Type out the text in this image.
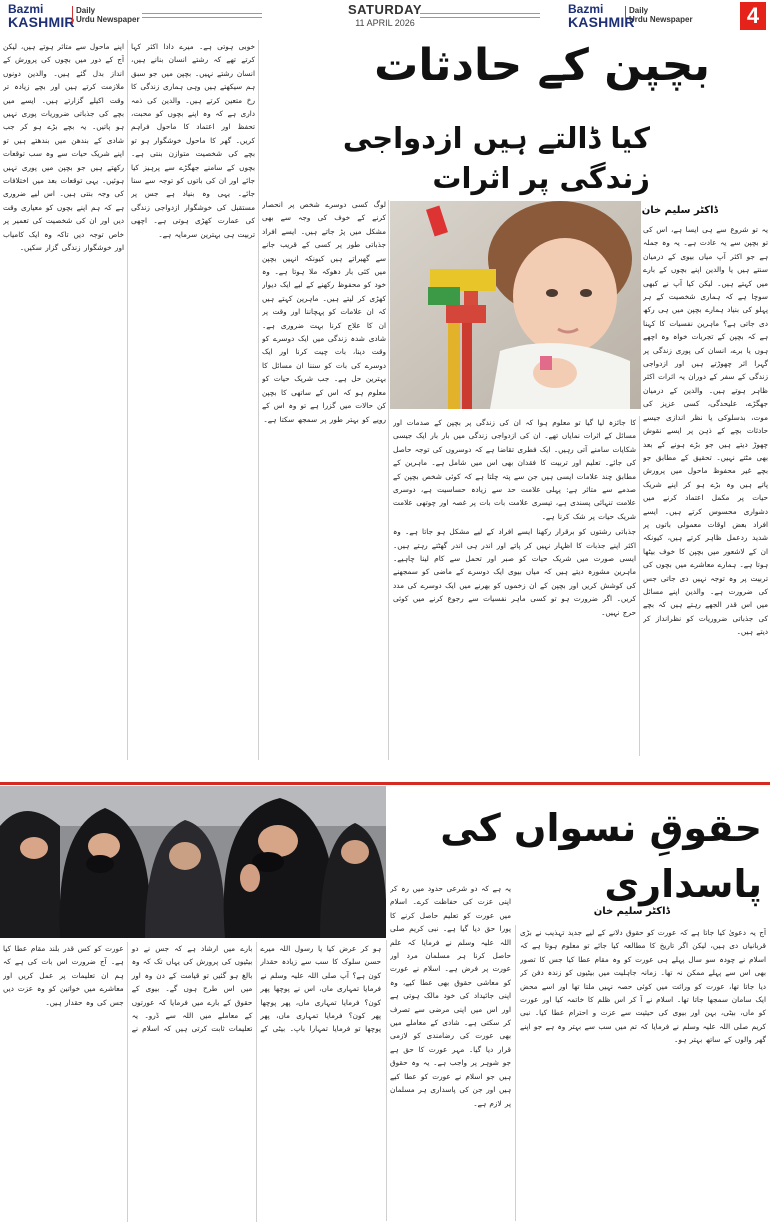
Bazmi
KASHMIR
Daily
Urdu Newspaper
SATURDAY
11 APRIL 2026
Bazmi
KASHMIR
Daily
Urdu Newspaper	4
بچپن کے حادثات
کیا ڈالتے ہیں ازدواجی زندگی پر اثرات
ڈاکٹر سلیم خان

یہ تو شروع سے ہی ایسا ہے، اس کی تو بچپن سے یہ عادت ہے۔ یہ وہ جملہ ہے جو اکثر آپ میاں بیوی کے درمیان سنتے ہیں یا والدین اپنے بچوں کے بارے میں کہتے ہیں۔ لیکن کیا آپ نے کبھی سوچا ہے کہ ہماری شخصیت کے ہر پہلو کی بنیاد ہمارے بچپن میں ہی رکھ دی جاتی ہے؟ ماہرین نفسیات کا کہنا ہے کہ بچپن کے تجربات خواہ وہ اچھے ہوں یا برے، انسان کی پوری زندگی پر گہرا اثر چھوڑتے ہیں اور ازدواجی زندگی کے سفر کے دوران یہ اثرات اکثر ظاہر ہوتے ہیں۔ والدین کے درمیان جھگڑے، علیحدگی، کسی عزیز کی موت، بدسلوکی یا نظر اندازی جیسے حادثات بچے کے ذہن پر ایسے نقوش چھوڑ دیتے ہیں جو بڑے ہونے کے بعد بھی مٹتے نہیں۔ تحقیق کے مطابق جو بچے غیر محفوظ ماحول میں پرورش پاتے ہیں وہ بڑے ہو کر اپنے شریک حیات پر مکمل اعتماد کرنے میں دشواری محسوس کرتے ہیں۔ ایسے افراد بعض اوقات معمولی باتوں پر شدید ردعمل ظاہر کرتے ہیں، کیونکہ ان کے لاشعور میں بچپن کا خوف بیٹھا ہوتا ہے۔ ہمارے معاشرے میں بچوں کی تربیت پر وہ توجہ نہیں دی جاتی جس کی ضرورت ہے۔ والدین اپنے مسائل میں اس قدر الجھے رہتے ہیں کہ بچے کی جذباتی ضروریات کو نظرانداز کر دیتے ہیں۔

کا جائزہ لیا گیا تو معلوم ہوا کہ ان کی زندگی پر بچپن کے صدمات اور مسائل کے اثرات نمایاں تھے۔ ان کی ازدواجی زندگی میں بار بار ایک جیسی شکایات سامنے آتی رہیں۔ ایک فطری تقاضا ہے کہ دوسروں کی توجہ حاصل کی جائے۔ تعلیم اور تربیت کا فقدان بھی اس میں شامل ہے۔ ماہرین کے مطابق چند علامات ایسی ہیں جن سے پتہ چلتا ہے کہ کوئی شخص بچپن کے صدمے سے متاثر ہے: پہلی علامت حد سے زیادہ حساسیت ہے، دوسری علامت تنہائی پسندی ہے، تیسری علامت بات بات پر غصہ اور چوتھی علامت شریک حیات پر شک کرنا ہے۔

جذباتی رشتوں کو برقرار رکھنا ایسے افراد کے لیے مشکل ہو جاتا ہے۔ وہ اکثر اپنے جذبات کا اظہار نہیں کر پاتے اور اندر ہی اندر گھٹتے رہتے ہیں۔ ایسی صورت میں شریک حیات کو صبر اور تحمل سے کام لینا چاہیے۔ ماہرین مشورہ دیتے ہیں کہ میاں بیوی ایک دوسرے کے ماضی کو سمجھنے کی کوشش کریں اور بچپن کے ان زخموں کو بھرنے میں ایک دوسرے کی مدد کریں۔ اگر ضرورت ہو تو کسی ماہر نفسیات سے رجوع کرنے میں کوئی حرج نہیں۔

لوگ کسی دوسرے شخص پر انحصار کرنے کے خوف کی وجہ سے بھی مشکل میں پڑ جاتے ہیں۔ ایسے افراد جذباتی طور پر کسی کے قریب جانے سے گھبراتے ہیں کیونکہ انہیں بچپن میں کئی بار دھوکہ ملا ہوتا ہے۔ وہ خود کو محفوظ رکھنے کے لیے ایک دیوار کھڑی کر لیتے ہیں۔ ماہرین کہتے ہیں کہ ان علامات کو پہچاننا اور وقت پر ان کا علاج کرنا بہت ضروری ہے۔ شادی شدہ زندگی میں ایک دوسرے کو وقت دینا، بات چیت کرنا اور ایک دوسرے کی بات کو سننا ان مسائل کا بہترین حل ہے۔ جب شریک حیات کو معلوم ہو کہ اس کے ساتھی کا بچپن کن حالات میں گزرا ہے تو وہ اس کے رویے کو بہتر طور پر سمجھ سکتا ہے۔

خوبی ہوتی ہے۔ میرے دادا اکثر کہا کرتے تھے کہ رشتے انسان بنانے ہیں، انسان رشتے نہیں۔ بچپن میں جو سبق ہم سیکھتے ہیں وہی ہماری زندگی کا رخ متعین کرتے ہیں۔ والدین کی ذمہ داری ہے کہ وہ اپنے بچوں کو محبت، تحفظ اور اعتماد کا ماحول فراہم کریں۔ گھر کا ماحول خوشگوار ہو تو بچے کی شخصیت متوازن بنتی ہے۔ بچوں کے سامنے جھگڑے سے پرہیز کیا جائے اور ان کی باتوں کو توجہ سے سنا جائے۔ یہی وہ بنیاد ہے جس پر مستقبل کی خوشگوار ازدواجی زندگی کی عمارت کھڑی ہوتی ہے۔ اچھی تربیت ہی بہترین سرمایہ ہے۔

اپنے ماحول سے متاثر ہوتے ہیں، لیکن آج کے دور میں بچوں کی پرورش کے انداز بدل گئے ہیں۔ والدین دونوں ملازمت کرتے ہیں اور بچے زیادہ تر وقت اکیلے گزارتے ہیں۔ ایسے میں بچے کی جذباتی ضروریات پوری نہیں ہو پاتیں۔ یہ بچے بڑے ہو کر جب شادی کے بندھن میں بندھتے ہیں تو اپنے شریک حیات سے وہ سب توقعات رکھتے ہیں جو بچپن میں پوری نہیں ہوئیں۔ یہی توقعات بعد میں اختلافات کی وجہ بنتی ہیں۔ اس لیے ضروری ہے کہ ہم اپنے بچوں کو معیاری وقت دیں اور ان کی شخصیت کی تعمیر پر خاص توجہ دیں تاکہ وہ ایک کامیاب اور خوشگوار زندگی گزار سکیں۔

حقوقِ نسواں کی پاسداری
ڈاکٹر سلیم خان

آج یہ دعویٰ کیا جاتا ہے کہ عورت کو حقوق دلانے کے لیے جدید تہذیب نے بڑی قربانیاں دی ہیں، لیکن اگر تاریخ کا مطالعہ کیا جائے تو معلوم ہوتا ہے کہ اسلام نے چودہ سو سال پہلے ہی عورت کو وہ مقام عطا کیا جس کا تصور بھی اس سے پہلے ممکن نہ تھا۔ زمانہ جاہلیت میں بیٹیوں کو زندہ دفن کر دیا جاتا تھا، عورت کو وراثت میں کوئی حصہ نہیں ملتا تھا اور اسے محض ایک سامان سمجھا جاتا تھا۔ اسلام نے آ کر اس ظلم کا خاتمہ کیا اور عورت کو ماں، بیٹی، بہن اور بیوی کی حیثیت سے عزت و احترام عطا کیا۔ نبی کریم صلی اللہ علیہ وسلم نے فرمایا کہ تم میں سب سے بہتر وہ ہے جو اپنے گھر والوں کے ساتھ بہتر ہو۔

یہ ہے کہ دو شرعی حدود میں رہ کر اپنی عزت کی حفاظت کرے۔ اسلام میں عورت کو تعلیم حاصل کرنے کا پورا حق دیا گیا ہے۔ نبی کریم صلی اللہ علیہ وسلم نے فرمایا کہ علم حاصل کرنا ہر مسلمان مرد اور عورت پر فرض ہے۔ اسلام نے عورت کو معاشی حقوق بھی عطا کیے، وہ اپنی جائیداد کی خود مالک ہوتی ہے اور اس میں اپنی مرضی سے تصرف کر سکتی ہے۔ شادی کے معاملے میں بھی عورت کی رضامندی کو لازمی قرار دیا گیا۔ مہر عورت کا حق ہے جو شوہر پر واجب ہے۔ یہ وہ حقوق ہیں جو اسلام نے عورت کو عطا کیے ہیں اور جن کی پاسداری ہر مسلمان پر لازم ہے۔

ہو کر عرض کیا یا رسول اللہ میرے حسن سلوک کا سب سے زیادہ حقدار کون ہے؟ آپ صلی اللہ علیہ وسلم نے فرمایا تمہاری ماں، اس نے پوچھا پھر کون؟ فرمایا تمہاری ماں، پھر پوچھا پھر کون؟ فرمایا تمہاری ماں، پھر پوچھا تو فرمایا تمہارا باپ۔ بیٹی کے بارے میں ارشاد ہے کہ جس نے دو بیٹیوں کی پرورش کی یہاں تک کہ وہ بالغ ہو گئیں تو قیامت کے دن وہ اور میں اس طرح ہوں گے۔ بیوی کے حقوق کے بارے میں فرمایا کہ عورتوں کے معاملے میں اللہ سے ڈرو۔ یہ تعلیمات ثابت کرتی ہیں کہ اسلام نے عورت کو کس قدر بلند مقام عطا کیا ہے۔ آج ضرورت اس بات کی ہے کہ ہم ان تعلیمات پر عمل کریں اور معاشرے میں خواتین کو وہ عزت دیں جس کی وہ حقدار ہیں۔
